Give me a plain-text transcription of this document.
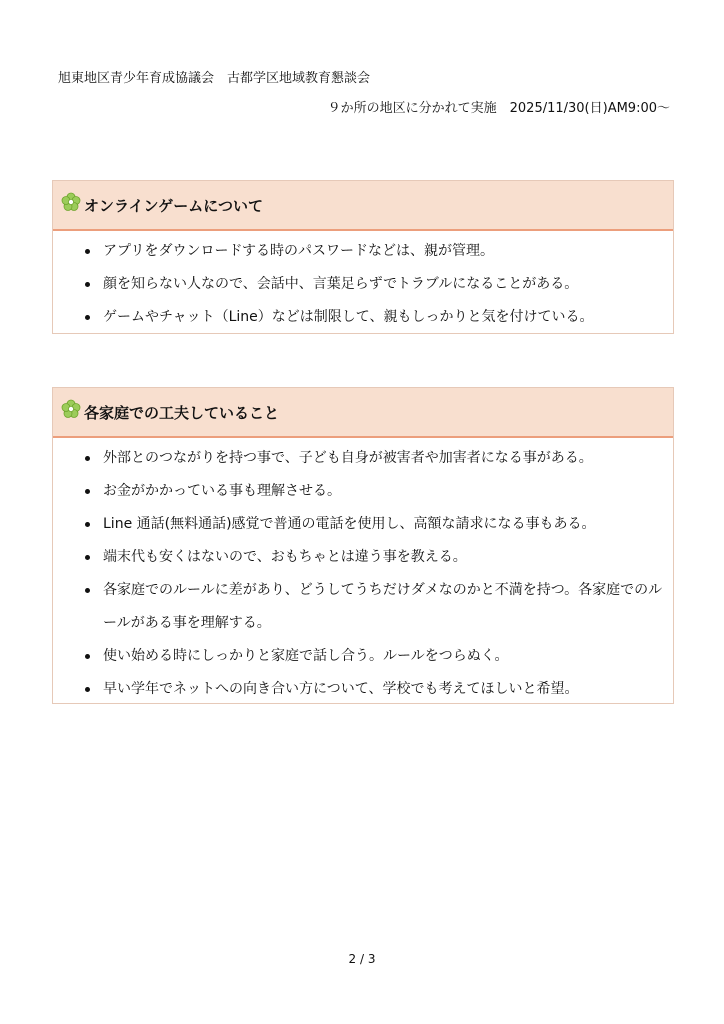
旭東地区青少年育成協議会　古都学区地域教育懇談会
９か所の地区に分かれて実施　2025/11/30(日)AM9:00～
オンラインゲームについて
アプリをダウンロードする時のパスワードなどは、親が管理。
顔を知らない人なので、会話中、言葉足らずでトラブルになることがある。
ゲームやチャット（Line）などは制限して、親もしっかりと気を付けている。
各家庭での工夫していること
外部とのつながりを持つ事で、子ども自身が被害者や加害者になる事がある。
お金がかかっている事も理解させる。
Line 通話(無料通話)感覚で普通の電話を使用し、高額な請求になる事もある。
端末代も安くはないので、おもちゃとは違う事を教える。
各家庭でのルールに差があり、どうしてうちだけダメなのかと不満を持つ。各家庭でのルールがある事を理解する。
使い始める時にしっかりと家庭で話し合う。ルールをつらぬく。
早い学年でネットへの向き合い方について、学校でも考えてほしいと希望。
2 / 3
